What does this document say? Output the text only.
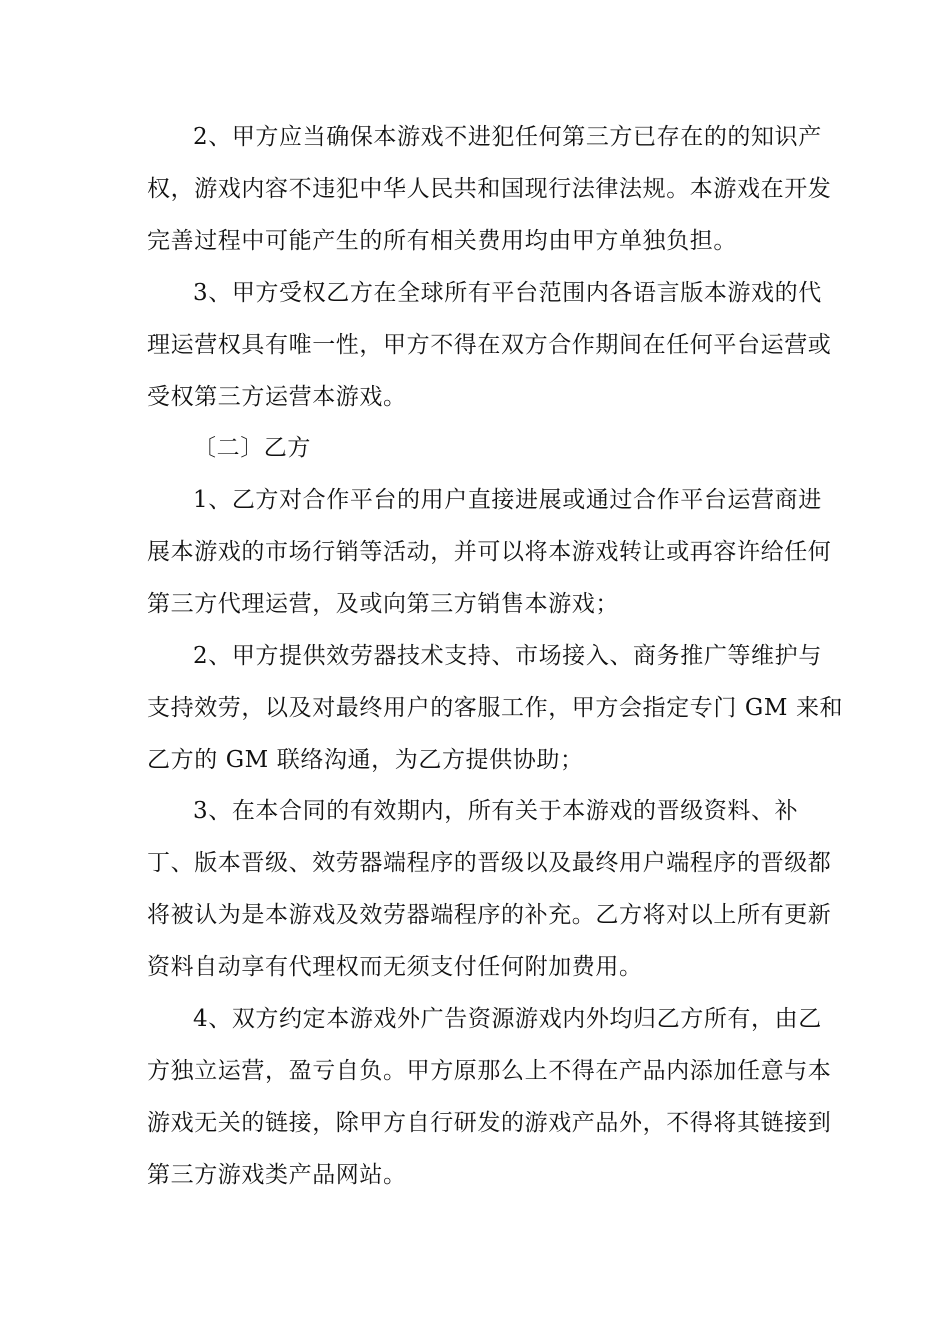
2、甲方应当确保本游戏不进犯任何第三方已存在的的知识产

权，游戏内容不违犯中华人民共和国现行法律法规。本游戏在开发

完善过程中可能产生的所有相关费用均由甲方单独负担。

3、甲方受权乙方在全球所有平台范围内各语言版本游戏的代

理运营权具有唯一性，甲方不得在双方合作期间在任何平台运营或

受权第三方运营本游戏。

〔二〕乙方

1、乙方对合作平台的用户直接进展或通过合作平台运营商进

展本游戏的市场行销等活动，并可以将本游戏转让或再容许给任何

第三方代理运营，及或向第三方销售本游戏；

2、甲方提供效劳器技术支持、市场接入、商务推广等维护与

支持效劳，以及对最终用户的客服工作，甲方会指定专门 GM 来和

乙方的 GM 联络沟通，为乙方提供协助；

3、在本合同的有效期内，所有关于本游戏的晋级资料、补

丁、版本晋级、效劳器端程序的晋级以及最终用户端程序的晋级都

将被认为是本游戏及效劳器端程序的补充。乙方将对以上所有更新

资料自动享有代理权而无须支付任何附加费用。

4、双方约定本游戏外广告资源游戏内外均归乙方所有，由乙

方独立运营，盈亏自负。甲方原那么上不得在产品内添加任意与本

游戏无关的链接，除甲方自行研发的游戏产品外，不得将其链接到

第三方游戏类产品网站。
